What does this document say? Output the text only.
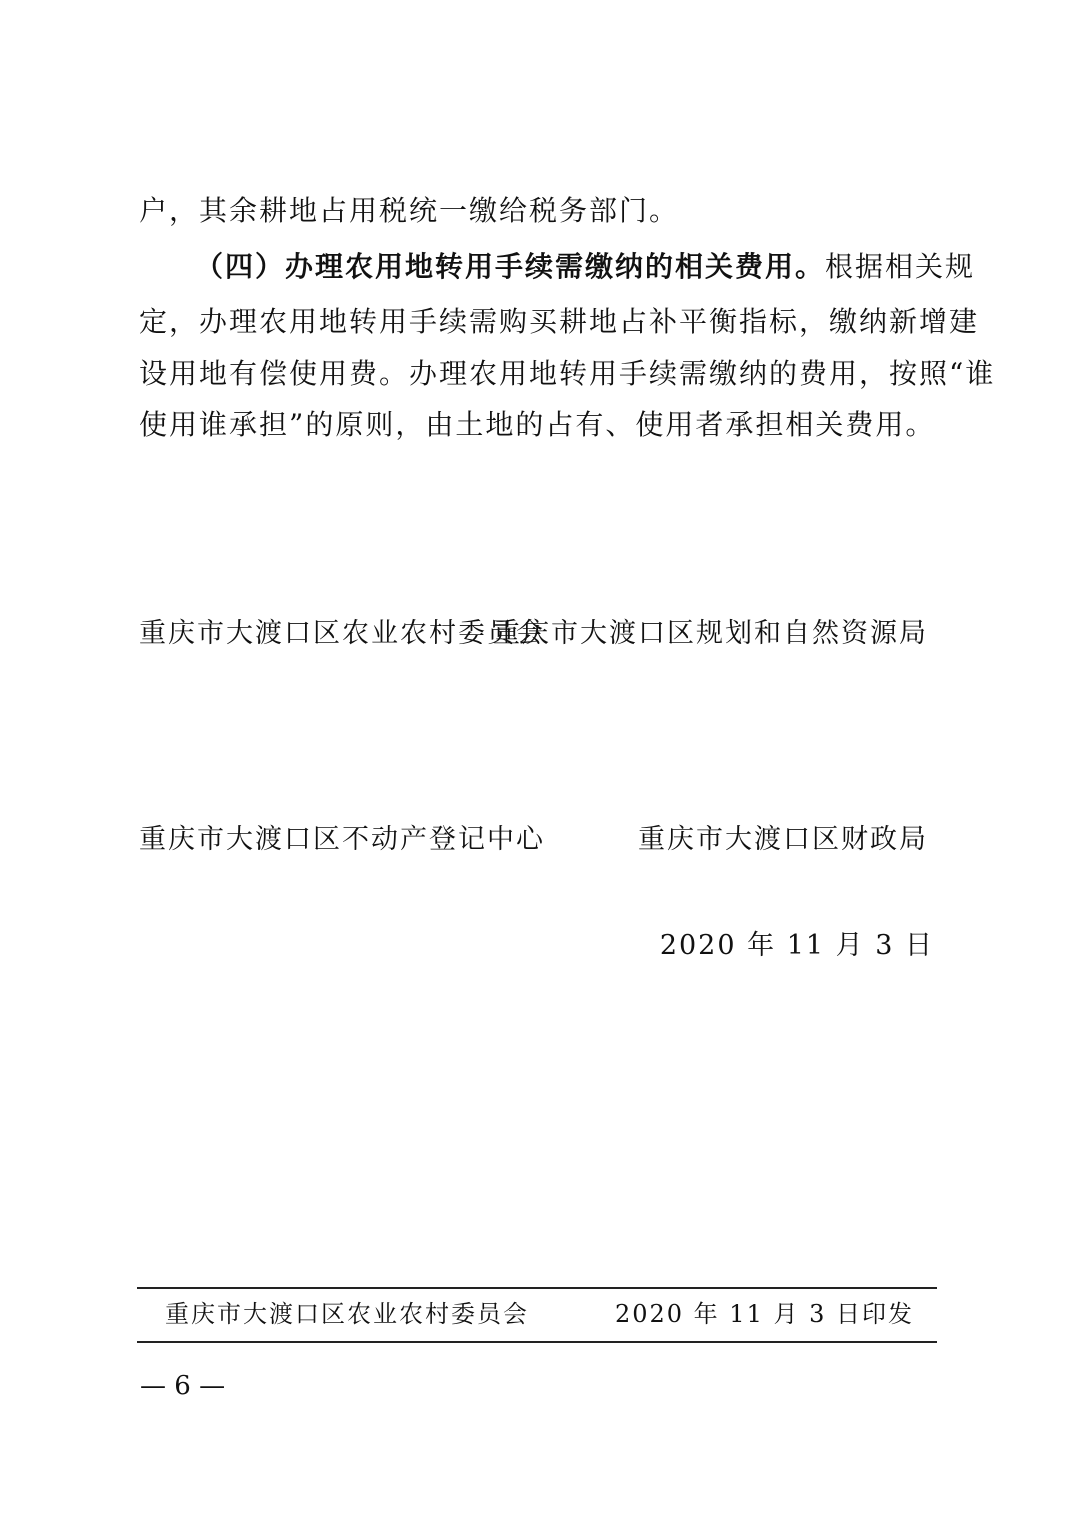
户，其余耕地占用税统一缴给税务部门。
（四）办理农用地转用手续需缴纳的相关费用。根据相关规
定，办理农用地转用手续需购买耕地占补平衡指标，缴纳新增建
设用地有偿使用费。办理农用地转用手续需缴纳的费用，按照“谁
使用谁承担”的原则，由土地的占有、使用者承担相关费用。
重庆市大渡口区农业农村委员会
重庆市大渡口区规划和自然资源局
重庆市大渡口区不动产登记中心	重庆市大渡口区财政局
2020 年 11 月 3 日
重庆市大渡口区农业农村委员会	2020 年 11 月 3 日印发
— 6 —
